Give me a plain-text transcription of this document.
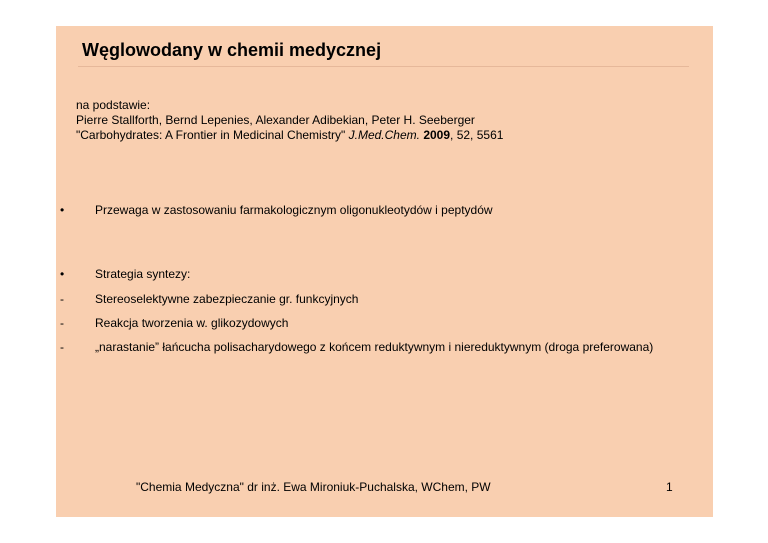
Węglowodany w chemii medycznej
na podstawie:
Pierre Stallforth, Bernd Lepenies, Alexander Adibekian, Peter H. Seeberger
"Carbohydrates: A Frontier in Medicinal Chemistry" J.Med.Chem. 2009, 52, 5561
•	Przewaga w zastosowaniu farmakologicznym oligonukleotydów i peptydów
•	Strategia syntezy:
-	Stereoselektywne zabezpieczanie gr. funkcyjnych
-	Reakcja tworzenia w. glikozydowych
-	„narastanie” łańcucha polisacharydowego z końcem reduktywnym i niereduktywnym (droga preferowana)
"Chemia Medyczna" dr inż. Ewa Mironiuk-Puchalska, WChem, PW	1
